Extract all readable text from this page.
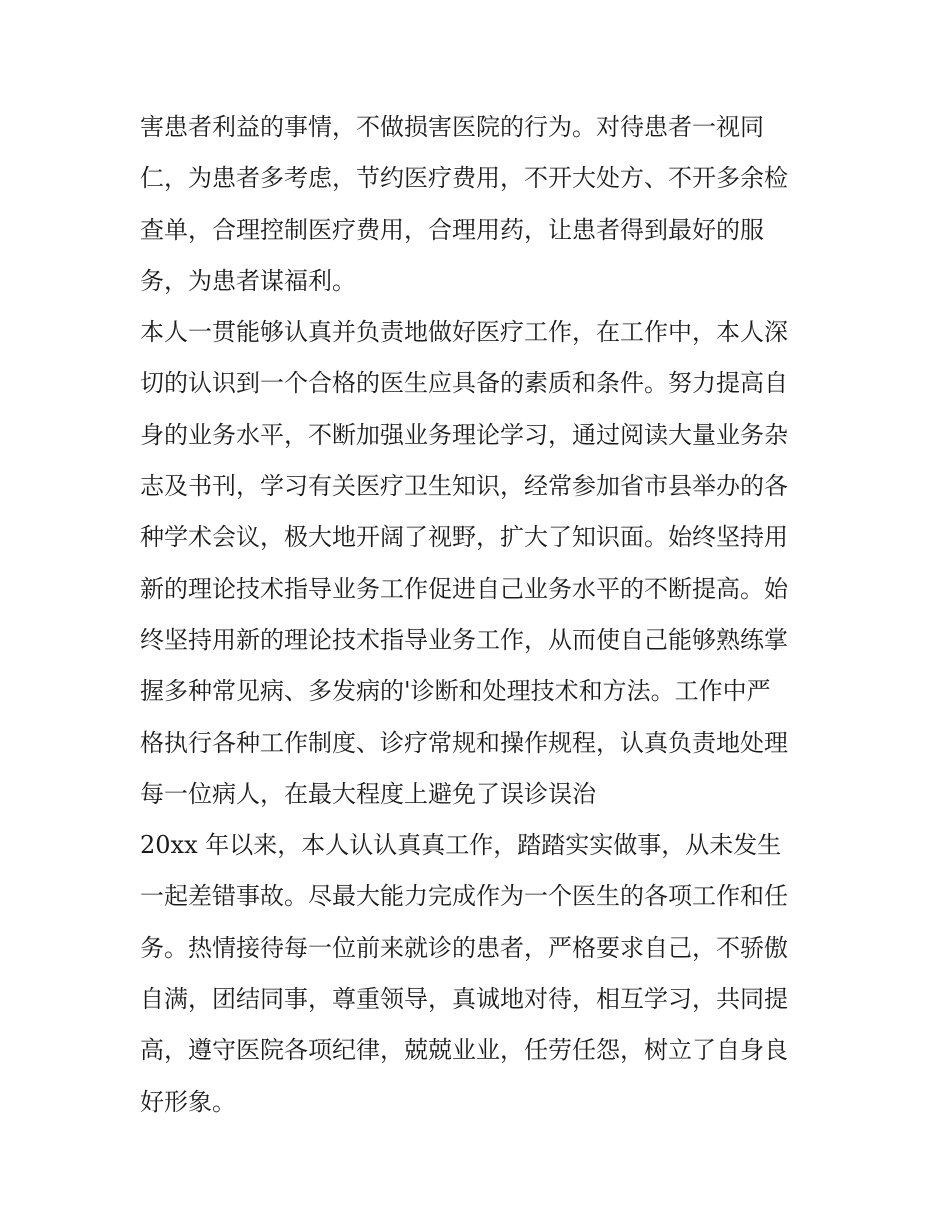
害患者利益的事情，不做损害医院的行为。对待患者一视同
仁，为患者多考虑，节约医疗费用，不开大处方、不开多余检
查单，合理控制医疗费用，合理用药，让患者得到最好的服
务，为患者谋福利。
本人一贯能够认真并负责地做好医疗工作，在工作中，本人深
切的认识到一个合格的医生应具备的素质和条件。努力提高自
身的业务水平，不断加强业务理论学习，通过阅读大量业务杂
志及书刊，学习有关医疗卫生知识，经常参加省市县举办的各
种学术会议，极大地开阔了视野，扩大了知识面。始终坚持用
新的理论技术指导业务工作促进自己业务水平的不断提高。始
终坚持用新的理论技术指导业务工作，从而使自己能够熟练掌
握多种常见病、多发病的'诊断和处理技术和方法。工作中严
格执行各种工作制度、诊疗常规和操作规程，认真负责地处理
每一位病人，在最大程度上避免了误诊误治
20xx 年以来，本人认认真真工作，踏踏实实做事，从未发生
一起差错事故。尽最大能力完成作为一个医生的各项工作和任
务。热情接待每一位前来就诊的患者，严格要求自己，不骄傲
自满，团结同事，尊重领导，真诚地对待，相互学习，共同提
高，遵守医院各项纪律，兢兢业业，任劳任怨，树立了自身良
好形象。
